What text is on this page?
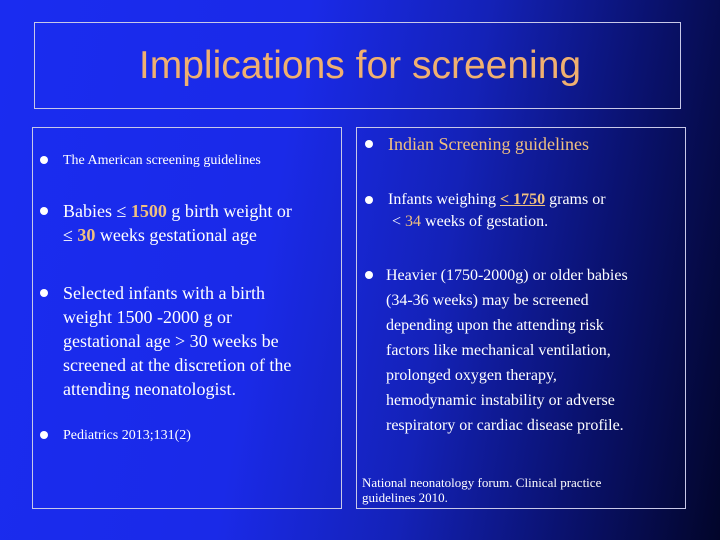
Implications for screening
The American screening guidelines
Babies ≤ 1500 g birth weight or
≤ 30 weeks gestational age
Selected infants with a birth
weight 1500 -2000 g or
gestational age > 30 weeks be
screened at the discretion of the
attending neonatologist.
Pediatrics 2013;131(2)
Indian Screening guidelines
Infants weighing < 1750 grams or
< 34 weeks of gestation.
Heavier (1750-2000g) or older babies
(34-36 weeks) may be screened
depending upon the attending risk
factors like mechanical ventilation,
prolonged oxygen therapy,
hemodynamic instability or adverse
respiratory or cardiac disease profile.
National neonatology forum. Clinical practice
guidelines 2010.
